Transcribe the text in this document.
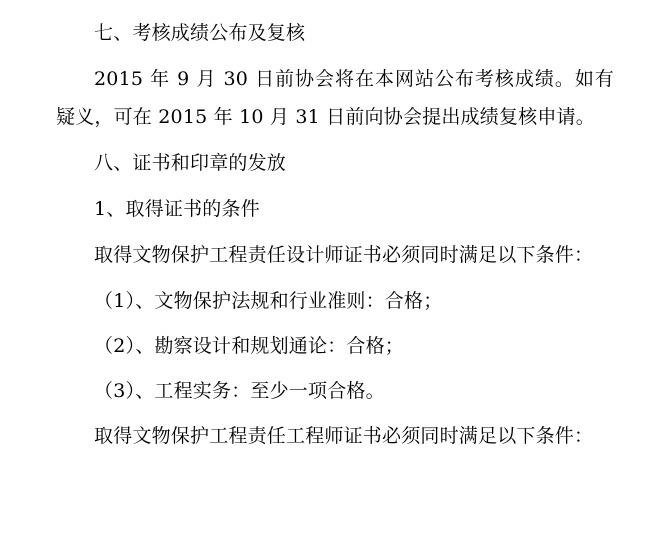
七、考核成绩公布及复核

2015 年 9 月 30 日前协会将在本网站公布考核成绩。如有疑义，可在 2015 年 10 月 31 日前向协会提出成绩复核申请。

八、证书和印章的发放

1、取得证书的条件

取得文物保护工程责任设计师证书必须同时满足以下条件：

（1）、文物保护法规和行业准则：合格；

（2）、勘察设计和规划通论：合格；

（3）、工程实务：至少一项合格。

取得文物保护工程责任工程师证书必须同时满足以下条件：
